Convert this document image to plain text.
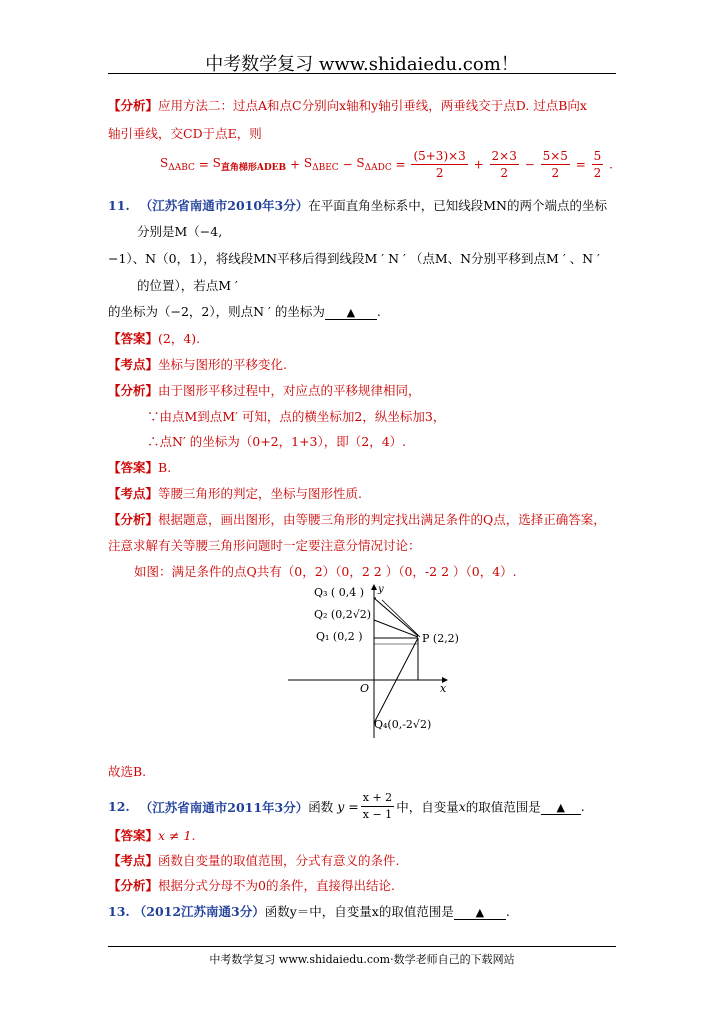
中考数学复习 www.shidaiedu.com！
【分析】应用方法二：过点A和点C分别向x轴和y轴引垂线，两垂线交于点D. 过点B向x
轴引垂线，交CD于点E，则
$S_{\Delta ABC} = S_{直角梯形ADEB} + S_{\Delta BEC} - S_{\Delta ADC} = \frac{(5+3)\times 3}{2} + \frac{2\times 3}{2} - \frac{5\times 5}{2} = \frac{5}{2}$ .
11. （江苏省南通市2010年3分）在平面直角坐标系中，已知线段MN的两个端点的坐标
分别是M（−4,
−1）、N（0，1），将线段MN平移后得到线段M ′ N ′ （点M、N分别平移到点M ′ 、N ′
的位置），若点M ′
的坐标为（−2，2），则点N ′ 的坐标为 ▲ .
【答案】(2，4).
【考点】坐标与图形的平移变化.
【分析】由于图形平移过程中，对应点的平移规律相同，
∵由点M到点M′ 可知，点的横坐标加2，纵坐标加3，
∴点N′ 的坐标为（0+2，1+3），即（2，4）.
【答案】B.
【考点】等腰三角形的判定，坐标与图形性质.
【分析】根据题意，画出图形，由等腰三角形的判定找出满足条件的Q点，选择正确答案，
注意求解有关等腰三角形问题时一定要注意分情况讨论：
如图：满足条件的点Q共有（0，2）（0，2 2 ）（0，-2 2 ）（0，4）.
Q₃ ( 0,4 )
Q₂ (0,2√2)
Q₁ (0,2 )	P (2,2)
O	x
y
Q₄(0,-2√2)
故选B.
12. （江苏省南通市2011年3分）函数 $y = \frac{x + 2}{x - 1}$ 中，自变量x的取值范围是 ▲ .
【答案】x ≠ 1.
【考点】函数自变量的取值范围，分式有意义的条件.
【分析】根据分式分母不为0的条件，直接得出结论.
13. （2012江苏南通3分）函数y＝中，自变量x的取值范围是 ▲ .
中考数学复习 www.shidaiedu.com·数学老师自己的下载网站
